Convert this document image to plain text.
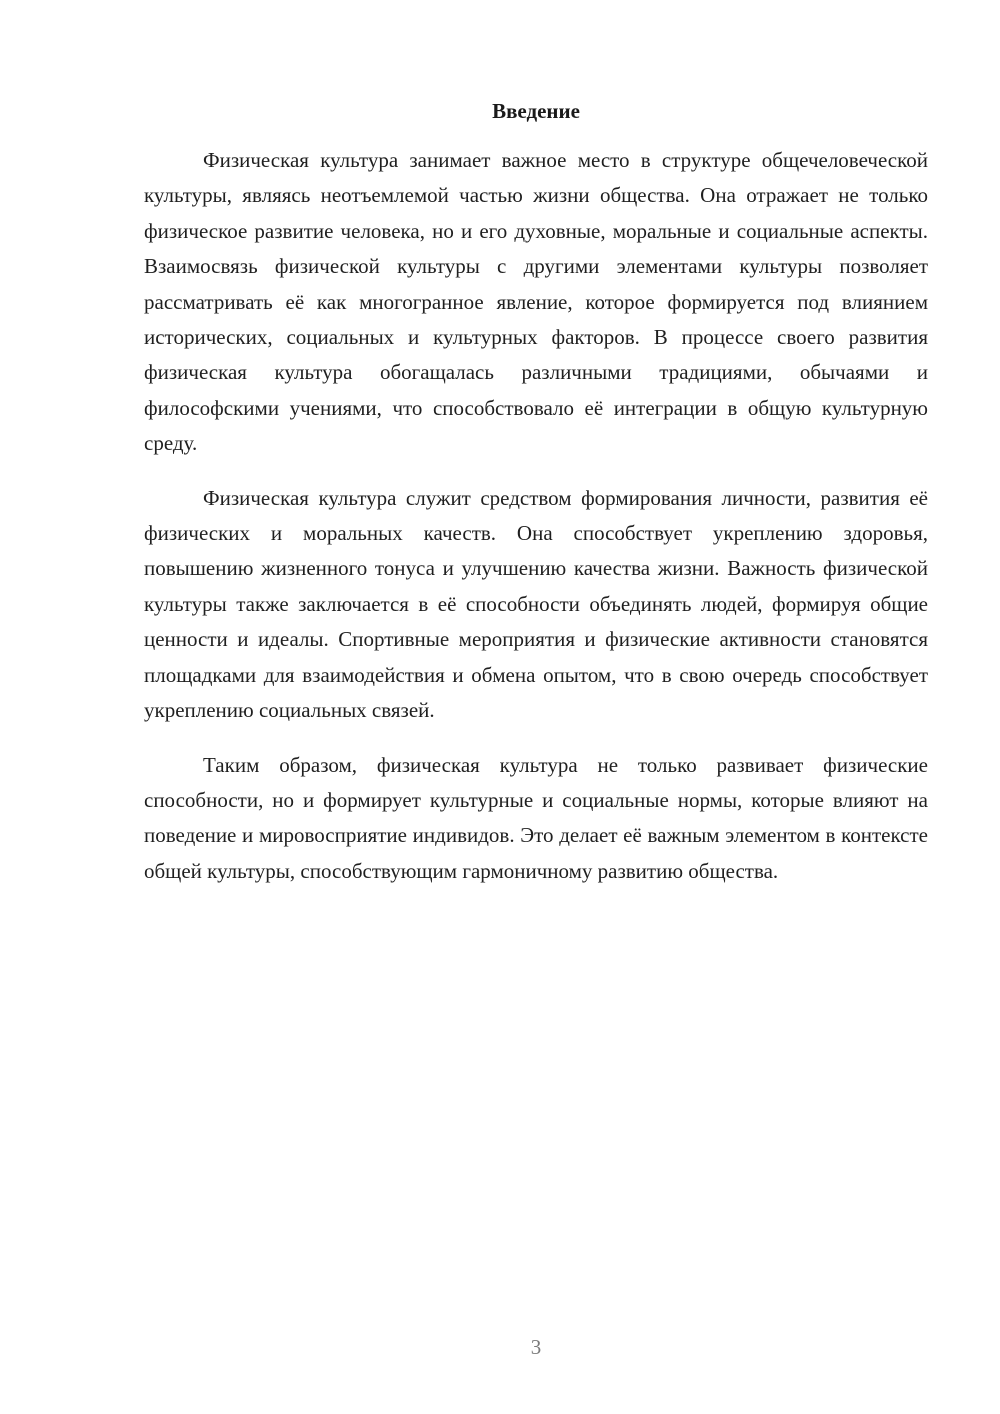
Введение

Физическая культура занимает важное место в структуре общечеловеческой культуры, являясь неотъемлемой частью жизни общества. Она отражает не только физическое развитие человека, но и его духовные, моральные и социальные аспекты. Взаимосвязь физической культуры с другими элементами культуры позволяет рассматривать её как многогранное явление, которое формируется под влиянием исторических, социальных и культурных факторов. В процессе своего развития физическая культура обогащалась различными традициями, обычаями и философскими учениями, что способствовало её интеграции в общую культурную среду.

Физическая культура служит средством формирования личности, развития её физических и моральных качеств. Она способствует укреплению здоровья, повышению жизненного тонуса и улучшению качества жизни. Важность физической культуры также заключается в её способности объединять людей, формируя общие ценности и идеалы. Спортивные мероприятия и физические активности становятся площадками для взаимодействия и обмена опытом, что в свою очередь способствует укреплению социальных связей.

Таким образом, физическая культура не только развивает физические способности, но и формирует культурные и социальные нормы, которые влияют на поведение и мировосприятие индивидов. Это делает её важным элементом в контексте общей культуры, способствующим гармоничному развитию общества.

3
